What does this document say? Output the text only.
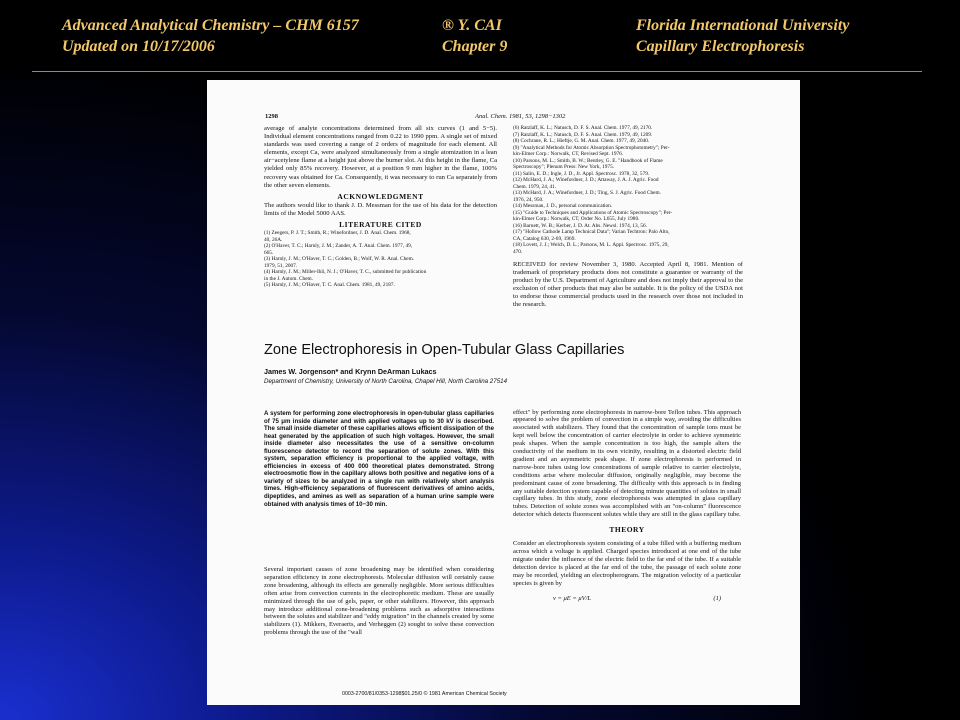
Advanced Analytical Chemistry – CHM 6157
Updated on 10/17/2006
® Y. CAI
Chapter 9
Florida International University
Capillary Electrophoresis
1298	Anal. Chem. 1981, 53, 1298−1302

average of analyte concentrations determined from all six curves (1 and 5−5). Individual element concentrations ranged from 0.22 to 1990 ppm. A single set of mixed standards was used covering a range of 2 orders of magnitude for each element. All elements, except Ca, were analyzed simultaneously from a single atomization in a lean air−acetylene flame at a height just above the burner slot. At this height in the flame, Ca yielded only 85% recovery. However, at a position 9 mm higher in the flame, 100% recovery was obtained for Ca. Consequently, it was necessary to run Ca separately from the other seven elements.

ACKNOWLEDGMENT

The authors would like to thank J. D. Messman for the use of his data for the detection limits of the Model 5000 AAS.

LITERATURE CITED
(1) Zeegers, P. J. T.; Smith, R.; Winefordner, J. D. Anal. Chem. 1968,
40, 26A.
(2) O'Haver, T. C.; Harnly, J. M.; Zander, A. T. Anal. Chem. 1977, 49,
665.
(3) Harnly, J. M.; O'Haver, T. C.; Golden, B.; Wolf, W. R. Anal. Chem.
1979, 51, 2007.
(4) Harnly, J. M.; Miller-Ihli, N. J.; O'Haver, T. C., submitted for publication
in the J. Autom. Chem.
(5) Harnly, J. M.; O'Haver, T. C. Anal. Chem. 1981, 49, 2187.
(6) Ratzlaff, K. L.; Natusch, D. F. S. Anal. Chem. 1977, 49, 2170.
(7) Ratzlaff, K. L.; Natusch, D. F. S. Anal. Chem. 1979, 49, 1209.
(8) Cochrane, R. L.; Hieftje, G. M. Anal. Chem. 1977, 49, 2040.
(9) "Analytical Methods for Atomic Absorption Spectrophotometry"; Per-
kin-Elmer Corp.: Norwalk, CT, Revised Sept. 1976.
(10) Parsons, M. L.; Smith, B. W.; Bentley, G. E. "Handbook of Flame
Spectroscopy"; Plenum Press: New York, 1975.
(11) Salin, E. D.; Ingle, J. D., Jr. Appl. Spectrosc. 1978, 32, 579.
(12) McHard, J. A.; Winefordner, J. D.; Attaway, J. A. J. Agric. Food
Chem. 1979, 24, 41.
(13) McHard, J. A.; Winefordner, J. D.; Ting, S. J. Agric. Food Chem.
1976, 24, 950.
(14) Messman, J. D., personal communication.
(15) "Guide to Techniques and Applications of Atomic Spectroscopy"; Per-
kin-Elmer Corp.: Norwalk, CT, Order No. L655, July 1980.
(16) Barnett, W. B.; Kerber, J. D. At. Abs. Newsl. 1974, 13, 56.
(17) "Hollow Cathode Lamp Technical Data"; Varian Techtron: Palo Alto,
CA, Catalog 630, 2-69, 1969.
(18) Lovett, J. J.; Welch, D. L.; Parsons, M. L. Appl. Spectrosc. 1975, 29,
470.

RECEIVED for review November 3, 1980. Accepted April 8, 1981. Mention of trademark of proprietary products does not constitute a guarantee or warranty of the product by the U.S. Department of Agriculture and does not imply their approval to the exclusion of other products that may also be suitable. It is the policy of the USDA not to endorse those commercial products used in the research over those not included in the research.

Zone Electrophoresis in Open-Tubular Glass Capillaries
James W. Jorgenson* and Krynn DeArman Lukacs
Department of Chemistry, University of North Carolina, Chapel Hill, North Carolina 27514
A system for performing zone electrophoresis in open-tubular glass capillaries of 75 μm inside diameter and with applied voltages up to 30 kV is described. The small inside diameter of these capillaries allows efficient dissipation of the heat generated by the application of such high voltages. However, the small inside diameter also necessitates the use of a sensitive on-column fluorescence detector to record the separation of solute zones. With this system, separation efficiency is proportional to the applied voltage, with efficiencies in excess of 400 000 theoretical plates demonstrated. Strong electroosmotic flow in the capillary allows both positive and negative ions of a variety of sizes to be analyzed in a single run with relatively short analysis times. High-efficiency separations of fluorescent derivatives of amino acids, dipeptides, and amines as well as separation of a human urine sample were obtained with analysis times of 10−30 min.
Several important causes of zone broadening may be identified when considering separation efficiency in zone electrophoresis. Molecular diffusion will certainly cause zone broadening, although its effects are generally negligible. More serious difficulties often arise from convection currents in the electrophoretic medium. These are usually minimized through the use of gels, paper, or other stabilizers. However, this approach may introduce additional zone-broadening problems such as adsorptive interactions between the solutes and stabilizer and "eddy migration" in the channels created by some stabilizers (1). Mikkers, Everaerts, and Verheggen (2) sought to solve these convection problems through the use of the "wall

effect" by performing zone electrophoresis in narrow-bore Teflon tubes. This approach appeared to solve the problem of convection in a simple way, avoiding the difficulties associated with stabilizers. They found that the concentration of sample ions must be kept well below the concentration of carrier electrolyte in order to achieve symmetric peak shapes. When the sample concentration is too high, the sample alters the conductivity of the medium in its own vicinity, resulting in a distorted electric field gradient and an asymmetric peak shape. If zone electrophoresis is performed in narrow-bore tubes using low concentrations of sample relative to carrier electrolyte, conditions arise where molecular diffusion, originally negligible, may become the predominant cause of zone broadening. The difficulty with this approach is in finding any suitable detection system capable of detecting minute quantities of solutes in small capillary tubes. In this study, zone electrophoresis was attempted in glass capillary tubes. Detection of solute zones was accomplished with an "on-column" fluorescence detector which detects fluorescent solutes while they are still in the glass capillary tube.

THEORY

Consider an electrophoresis system consisting of a tube filled with a buffering medium across which a voltage is applied. Charged species introduced at one end of the tube migrate under the influence of the electric field to the far end of the tube. If a suitable detection device is placed at the far end of the tube, the passage of each solute zone may be recorded, yielding an electropherogram. The migration velocity of a particular species is given by

v = μE = μV/L	(1)
0003-2700/81/0353-1298$01.25/0 © 1981 American Chemical Society
